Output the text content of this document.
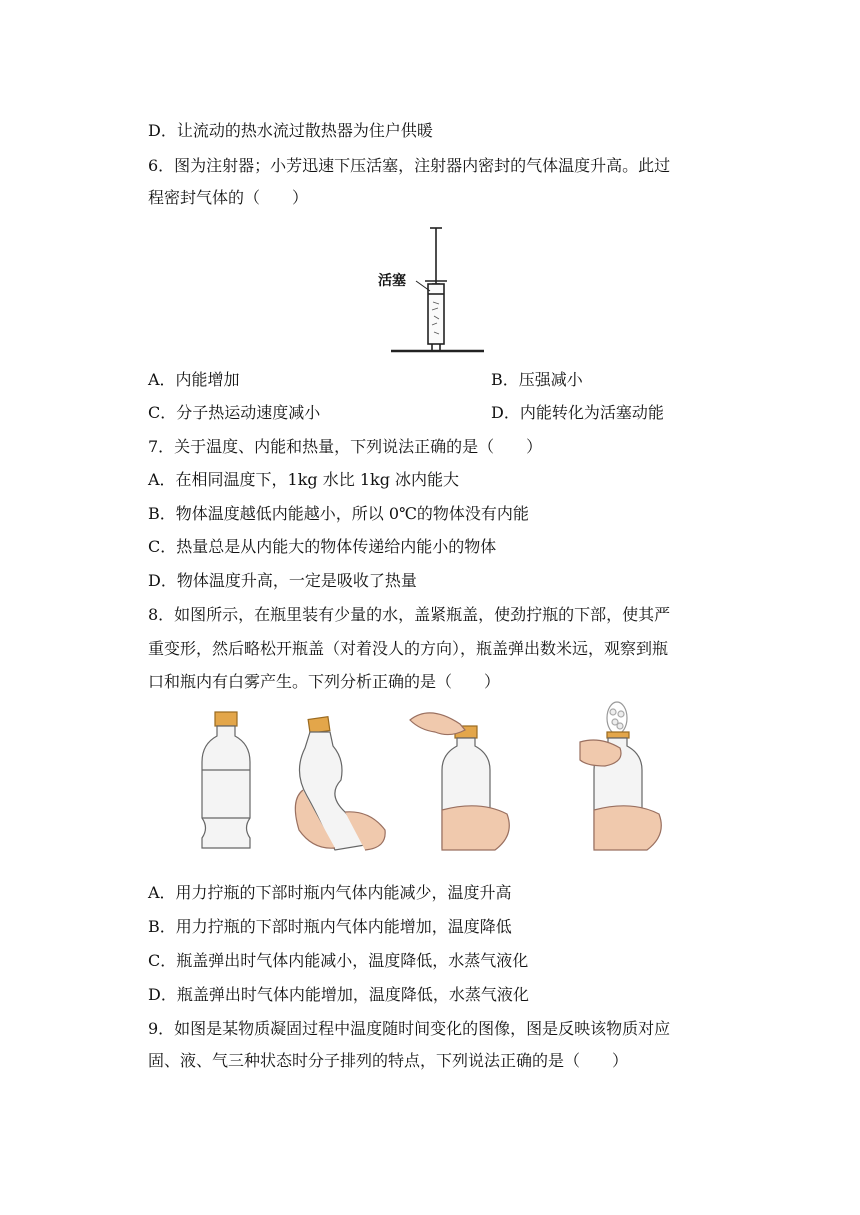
D．让流动的热水流过散热器为住户供暖
6．图为注射器；小芳迅速下压活塞，注射器内密封的气体温度升高。此过
程密封气体的（　　）
活塞
A．内能增加	B．压强减小
C．分子热运动速度减小	D．内能转化为活塞动能
7．关于温度、内能和热量，下列说法正确的是（　　）
A．在相同温度下，1kg 水比 1kg 冰内能大
B．物体温度越低内能越小，所以 0℃的物体没有内能
C．热量总是从内能大的物体传递给内能小的物体
D．物体温度升高，一定是吸收了热量
8．如图所示，在瓶里装有少量的水，盖紧瓶盖，使劲拧瓶的下部，使其严
重变形，然后略松开瓶盖（对着没人的方向），瓶盖弹出数米远，观察到瓶
口和瓶内有白雾产生。下列分析正确的是（　　）
A．用力拧瓶的下部时瓶内气体内能减少，温度升高
B．用力拧瓶的下部时瓶内气体内能增加，温度降低
C．瓶盖弹出时气体内能减小，温度降低，水蒸气液化
D．瓶盖弹出时气体内能增加，温度降低，水蒸气液化
9．如图是某物质凝固过程中温度随时间变化的图像，图是反映该物质对应
固、液、气三种状态时分子排列的特点，下列说法正确的是（　　）
